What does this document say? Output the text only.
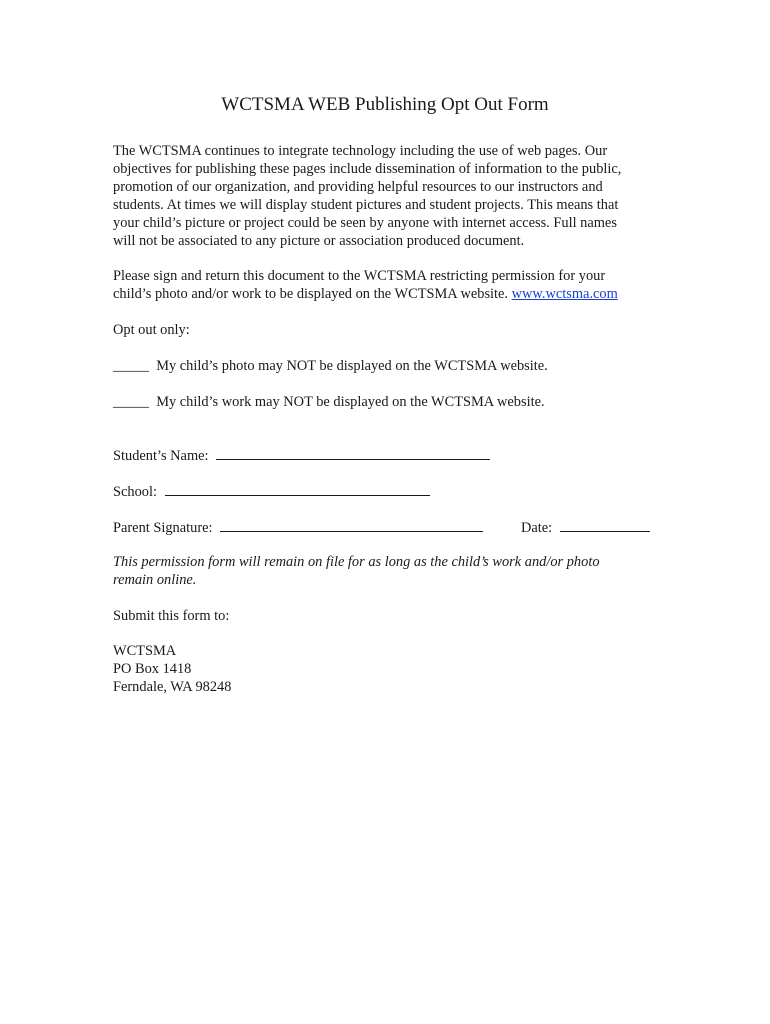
WCTSMA WEB Publishing Opt Out Form

The WCTSMA continues to integrate technology including the use of web pages. Our
objectives for publishing these pages include dissemination of information to the public,
promotion of our organization, and providing helpful resources to our instructors and
students. At times we will display student pictures and student projects. This means that
your child’s picture or project could be seen by anyone with internet access. Full names
will not be associated to any picture or association produced document.

Please sign and return this document to the WCTSMA restricting permission for your
child’s photo and/or work to be displayed on the WCTSMA website. www.wctsma.com

Opt out only:

_____ My child’s photo may NOT be displayed on the WCTSMA website.

_____ My child’s work may NOT be displayed on the WCTSMA website.

Student’s Name:

School:

Parent Signature:	Date:

This permission form will remain on file for as long as the child’s work and/or photo
remain online.

Submit this form to:

WCTSMA

PO Box 1418

Ferndale, WA 98248
